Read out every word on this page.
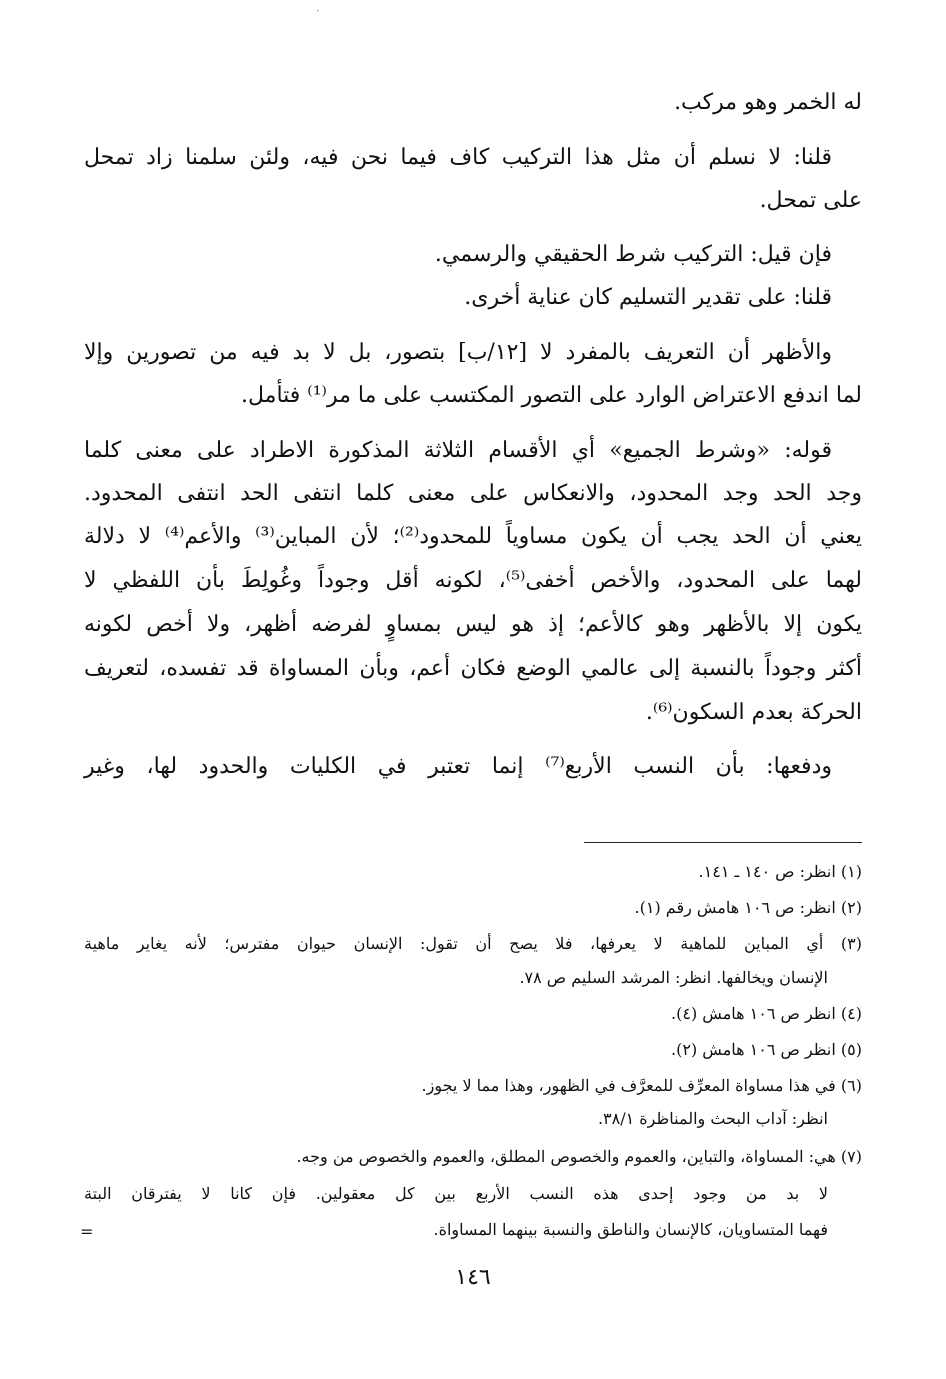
·
له الخمر وهو مركب.
قلنا: لا نسلم أن مثل هذا التركيب كاف فيما نحن فيه، ولئن سلمنا زاد تمحل
على تمحل.
فإن قيل: التركيب شرط الحقيقي والرسمي.
قلنا: على تقدير التسليم كان عناية أخرى.
والأظهر أن التعريف بالمفرد لا [١٢/ب] بتصور، بل لا بد فيه من تصورين وإلا
لما اندفع الاعتراض الوارد على التصور المكتسب على ما مر⁽¹⁾ فتأمل.
قوله: «وشرط الجميع» أي الأقسام الثلاثة المذكورة الاطراد على معنى كلما
وجد الحد وجد المحدود، والانعكاس على معنى كلما انتفى الحد انتفى المحدود.
يعني أن الحد يجب أن يكون مساوياً للمحدود⁽²⁾؛ لأن المباين⁽³⁾ والأعم⁽⁴⁾ لا دلالة
لهما على المحدود، والأخص أخفى⁽⁵⁾، لكونه أقل وجوداً وغُولِطَ بأن اللفظي لا
يكون إلا بالأظهر وهو كالأعم؛ إذ هو ليس بمساوٍ لفرضه أظهر، ولا أخص لكونه
أكثر وجوداً بالنسبة إلى عالمي الوضع فكان أعم، وبأن المساواة قد تفسده، لتعريف
الحركة بعدم السكون⁽⁶⁾.
ودفعها: بأن النسب الأربع⁽⁷⁾ إنما تعتبر في الكليات والحدود لها، وغير
(١) انظر: ص ١٤٠ ـ ١٤١.
(٢) انظر: ص ١٠٦ هامش رقم (١).
(٣) أي المباين للماهية لا يعرفها، فلا يصح أن تقول: الإنسان حيوان مفترس؛ لأنه يغاير ماهية
الإنسان ويخالفها. انظر: المرشد السليم ص ٧٨.
(٤) انظر ص ١٠٦ هامش (٤).
(٥) انظر ص ١٠٦ هامش (٢).
(٦) في هذا مساواة المعرِّف للمعرَّف في الظهور، وهذا مما لا يجوز.
انظر: آداب البحث والمناظرة ٣٨/١.
(٧) هي: المساواة، والتباين، والعموم والخصوص المطلق، والعموم والخصوص من وجه.
لا بد من وجود إحدى هذه النسب الأربع بين كل معقولين. فإن كانا لا يفترقان البتة
فهما المتساويان، كالإنسان والناطق والنسبة بينهما المساواة.
=
١٤٦
